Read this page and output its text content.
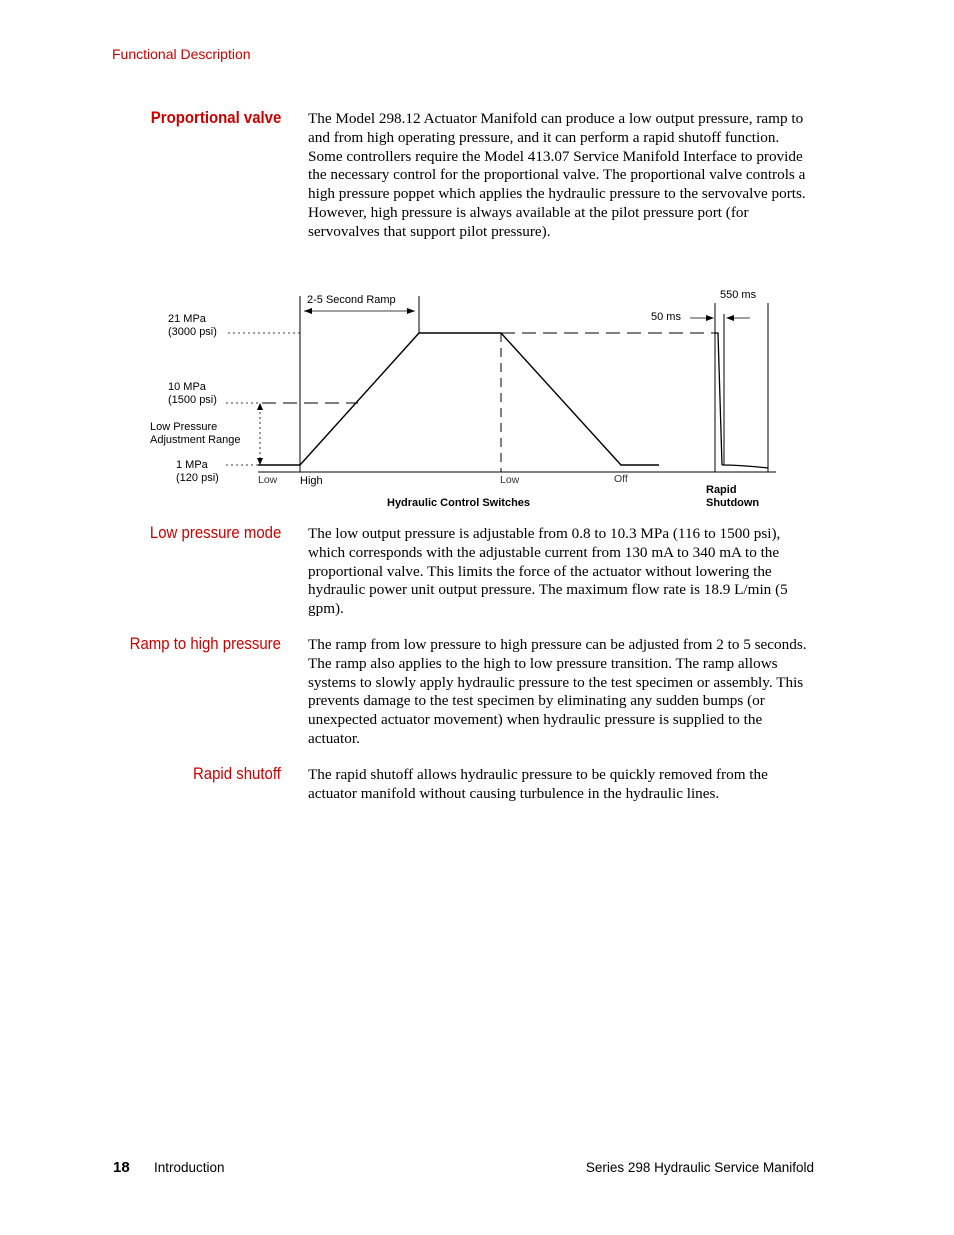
Functional Description
Proportional valve The Model 298.12 Actuator Manifold can produce a low output pressure, ramp to and from high operating pressure, and it can perform a rapid shutoff function. Some controllers require the Model 413.07 Service Manifold Interface to provide the necessary control for the proportional valve. The proportional valve controls a high pressure poppet which applies the hydraulic pressure to the servovalve ports. However, high pressure is always available at the pilot pressure port (for servovalves that support pilot pressure).

21 MPa
(3000 psi)
10 MPa
(1500 psi)
Low Pressure
Adjustment Range
1 MPa
(120 psi)
2-5 Second Ramp
50 ms
550 ms
Low High	Low	Off
Hydraulic Control Switches
Rapid
Shutdown
Low pressure mode The low output pressure is adjustable from 0.8 to 10.3 MPa (116 to 1500 psi), which corresponds with the adjustable current from 130 mA to 340 mA to the proportional valve. This limits the force of the actuator without lowering the hydraulic power unit output pressure. The maximum flow rate is 18.9 L/min (5 gpm).

Ramp to high pressure The ramp from low pressure to high pressure can be adjusted from 2 to 5 seconds. The ramp also applies to the high to low pressure transition. The ramp allows systems to slowly apply hydraulic pressure to the test specimen or assembly. This prevents damage to the test specimen by eliminating any sudden bumps (or unexpected actuator movement) when hydraulic pressure is supplied to the actuator.

Rapid shutoff The rapid shutoff allows hydraulic pressure to be quickly removed from the actuator manifold without causing turbulence in the hydraulic lines.

18 Introduction	Series 298 Hydraulic Service Manifold
